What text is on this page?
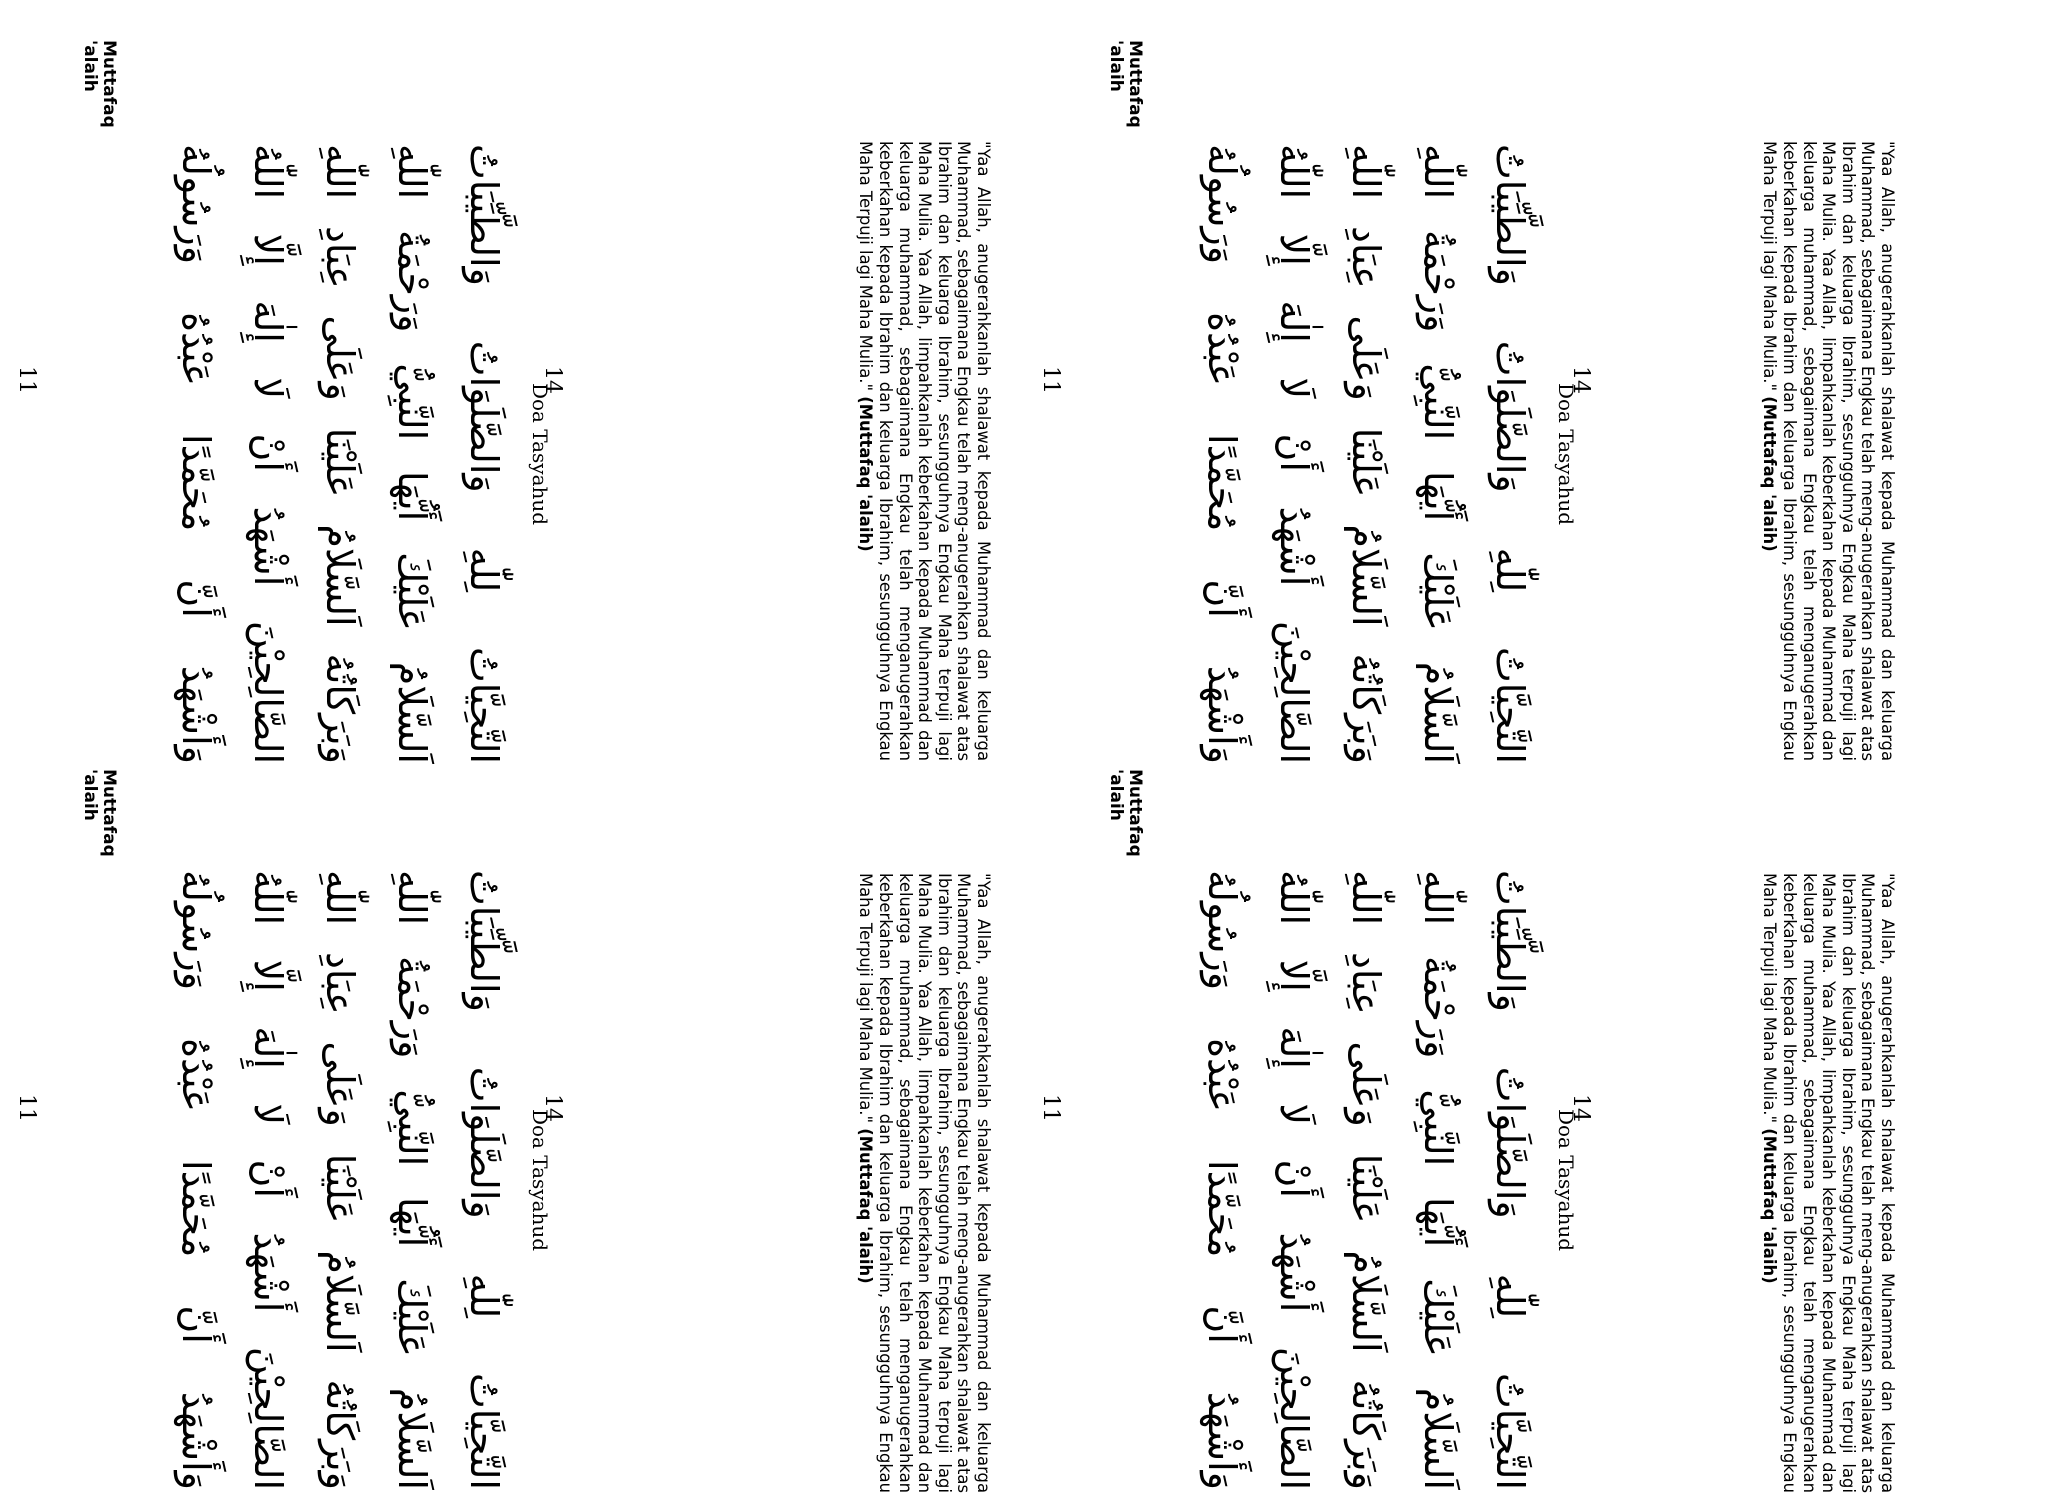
"Yaa Allah, anugerahkanlah shalawat kepada Muhammad dan keluarga Muhammad, sebagaimana Engkau telah meng-anugerahkan shalawat atas Ibrahim dan keluarga Ibrahim, sesungguhnya Engkau Maha terpuji lagi Maha Mulia. Yaa Allah, limpahkanlah keberkahan kepada Muhammad dan keluarga muhammad, sebagaimana Engkau telah menganugerahkan keberkahan kepada Ibrahim dan keluarga Ibrahim, sesungguhnya Engkau Maha Terpuji lagi Maha Mulia." (Muttafaq 'alaih)

"Yaa Allah, anugerahkanlah shalawat kepada Muhammad dan keluarga Muhammad, sebagaimana Engkau telah meng-anugerahkan shalawat atas Ibrahim dan keluarga Ibrahim, sesungguhnya Engkau Maha terpuji lagi Maha Mulia. Yaa Allah, limpahkanlah keberkahan kepada Muhammad dan keluarga muhammad, sebagaimana Engkau telah menganugerahkan keberkahan kepada Ibrahim dan keluarga Ibrahim, sesungguhnya Engkau Maha Terpuji lagi Maha Mulia." (Muttafaq 'alaih)

14
14
Doa Tasyahud
التَّحِيَّاتُ لِلّٰهِ وَالصَّلَوَاتُ وَالطَّيِّبَاتُ
اَلسَّلَامُ عَلَيْكَ أَيُّهَا النَّبِيُّ وَرَحْمَةُ اللّٰهِ
وَبَرَكَاتُهُ اَلسَّلَامُ عَلَيْنَا وَعَلَى عِبَادِ اللّٰهِ
الصَّالِحِيْنَ أَشْهَدُ أَنْ لَا إِلٰهَ إِلَّا اللّٰهُ
وَأَشْهَدُ أَنَّ مُحَمَّدًا عَبْدُهُ وَرَسُولُهُ
Doa Tasyahud
التَّحِيَّاتُ لِلّٰهِ وَالصَّلَوَاتُ وَالطَّيِّبَاتُ
اَلسَّلَامُ عَلَيْكَ أَيُّهَا النَّبِيُّ وَرَحْمَةُ اللّٰهِ
وَبَرَكَاتُهُ اَلسَّلَامُ عَلَيْنَا وَعَلَى عِبَادِ اللّٰهِ
الصَّالِحِيْنَ أَشْهَدُ أَنْ لَا إِلٰهَ إِلَّا اللّٰهُ
وَأَشْهَدُ أَنَّ مُحَمَّدًا عَبْدُهُ وَرَسُولُهُ
11
11
Muttafaq 'alaih
Muttafaq 'alaih

"Yaa Allah, anugerahkanlah shalawat kepada Muhammad dan keluarga Muhammad, sebagaimana Engkau telah meng-anugerahkan shalawat atas Ibrahim dan keluarga Ibrahim, sesungguhnya Engkau Maha terpuji lagi Maha Mulia. Yaa Allah, limpahkanlah keberkahan kepada Muhammad dan keluarga muhammad, sebagaimana Engkau telah menganugerahkan keberkahan kepada Ibrahim dan keluarga Ibrahim, sesungguhnya Engkau Maha Terpuji lagi Maha Mulia." (Muttafaq 'alaih)

"Yaa Allah, anugerahkanlah shalawat kepada Muhammad dan keluarga Muhammad, sebagaimana Engkau telah meng-anugerahkan shalawat atas Ibrahim dan keluarga Ibrahim, sesungguhnya Engkau Maha terpuji lagi Maha Mulia. Yaa Allah, limpahkanlah keberkahan kepada Muhammad dan keluarga muhammad, sebagaimana Engkau telah menganugerahkan keberkahan kepada Ibrahim dan keluarga Ibrahim, sesungguhnya Engkau Maha Terpuji lagi Maha Mulia." (Muttafaq 'alaih)

14
14
Doa Tasyahud
التَّحِيَّاتُ لِلّٰهِ وَالصَّلَوَاتُ وَالطَّيِّبَاتُ
اَلسَّلَامُ عَلَيْكَ أَيُّهَا النَّبِيُّ وَرَحْمَةُ اللّٰهِ
وَبَرَكَاتُهُ اَلسَّلَامُ عَلَيْنَا وَعَلَى عِبَادِ اللّٰهِ
الصَّالِحِيْنَ أَشْهَدُ أَنْ لَا إِلٰهَ إِلَّا اللّٰهُ
وَأَشْهَدُ أَنَّ مُحَمَّدًا عَبْدُهُ وَرَسُولُهُ
Doa Tasyahud
التَّحِيَّاتُ لِلّٰهِ وَالصَّلَوَاتُ وَالطَّيِّبَاتُ
اَلسَّلَامُ عَلَيْكَ أَيُّهَا النَّبِيُّ وَرَحْمَةُ اللّٰهِ
وَبَرَكَاتُهُ اَلسَّلَامُ عَلَيْنَا وَعَلَى عِبَادِ اللّٰهِ
الصَّالِحِيْنَ أَشْهَدُ أَنْ لَا إِلٰهَ إِلَّا اللّٰهُ
وَأَشْهَدُ أَنَّ مُحَمَّدًا عَبْدُهُ وَرَسُولُهُ
11
11
Muttafaq 'alaih
Muttafaq 'alaih
